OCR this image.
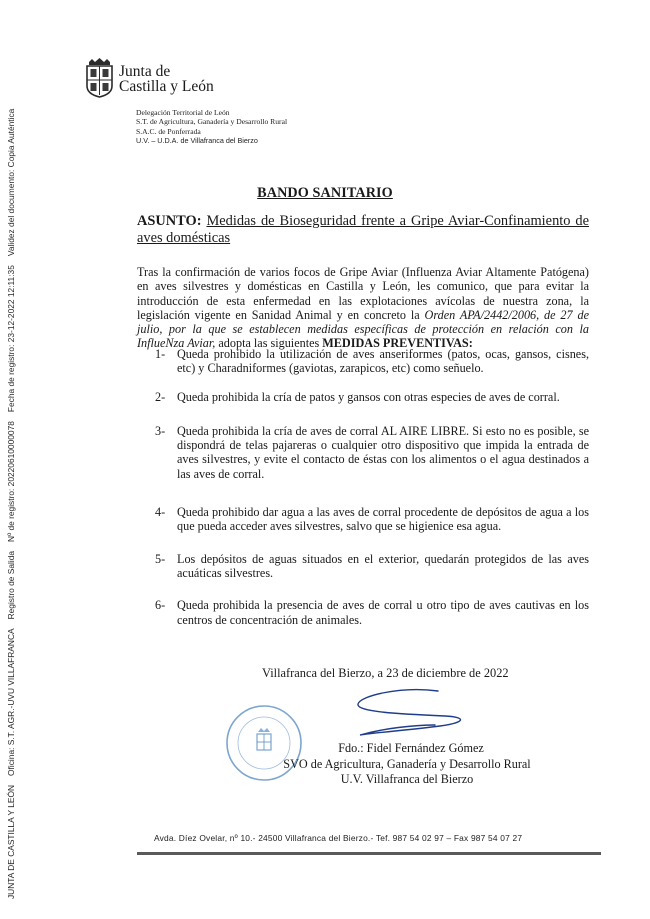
JUNTA DE CASTILLA Y LEÓN
Oficina: S.T. AGR.-UVU VILLAFRANCA
Registro de Salida
Nº de registro: 20220610000078
Fecha de registro: 23-12-2022 12:11:35
Validez del documento: Copia Auténtica
Junta de
Castilla y León
Delegación Territorial de León
S.T. de Agricultura, Ganadería y Desarrollo Rural
S.A.C. de Ponferrada
U.V. – U.D.A. de Villafranca del Bierzo
BANDO SANITARIO
ASUNTO: Medidas de Bioseguridad frente a Gripe Aviar-Confinamiento de aves domésticas
Tras la confirmación de varios focos de Gripe Aviar (Influenza Aviar Altamente Patógena) en aves silvestres y domésticas en Castilla y León, les comunico, que para evitar la introducción de esta enfermedad en las explotaciones avícolas de nuestra zona, la legislación vigente en Sanidad Animal y en concreto la Orden APA/2442/2006, de 27 de julio, por la que se establecen medidas específicas de protección en relación con la InflueNza Aviar, adopta las siguientes MEDIDAS PREVENTIVAS:
1- Queda prohibido la utilización de aves anseriformes (patos, ocas, gansos, cisnes, etc) y Charadniformes (gaviotas, zarapicos, etc) como señuelo.
2- Queda prohibida la cría de patos y gansos con otras especies de aves de corral.
3- Queda prohibida la cría de aves de corral AL AIRE LIBRE. Si esto no es posible, se dispondrá de telas pajareras o cualquier otro dispositivo que impida la entrada de aves silvestres, y evite el contacto de éstas con los alimentos o el agua destinados a las aves de corral.
4- Queda prohibido dar agua a las aves de corral procedente de depósitos de agua a los que pueda acceder aves silvestres, salvo que se higienice esa agua.
5- Los depósitos de aguas situados en el exterior, quedarán protegidos de las aves acuáticas silvestres.
6- Queda prohibida la presencia de aves de corral u otro tipo de aves cautivas en los centros de concentración de animales.
Villafranca del Bierzo, a 23 de diciembre de 2022
Fdo.: Fidel Fernández Gómez
SVO de Agricultura, Ganadería y Desarrollo Rural
U.V. Villafranca del Bierzo
Avda. Díez Ovelar, nº 10.- 24500 Villafranca del Bierzo.- Tef. 987 54 02 97 – Fax 987 54 07 27
